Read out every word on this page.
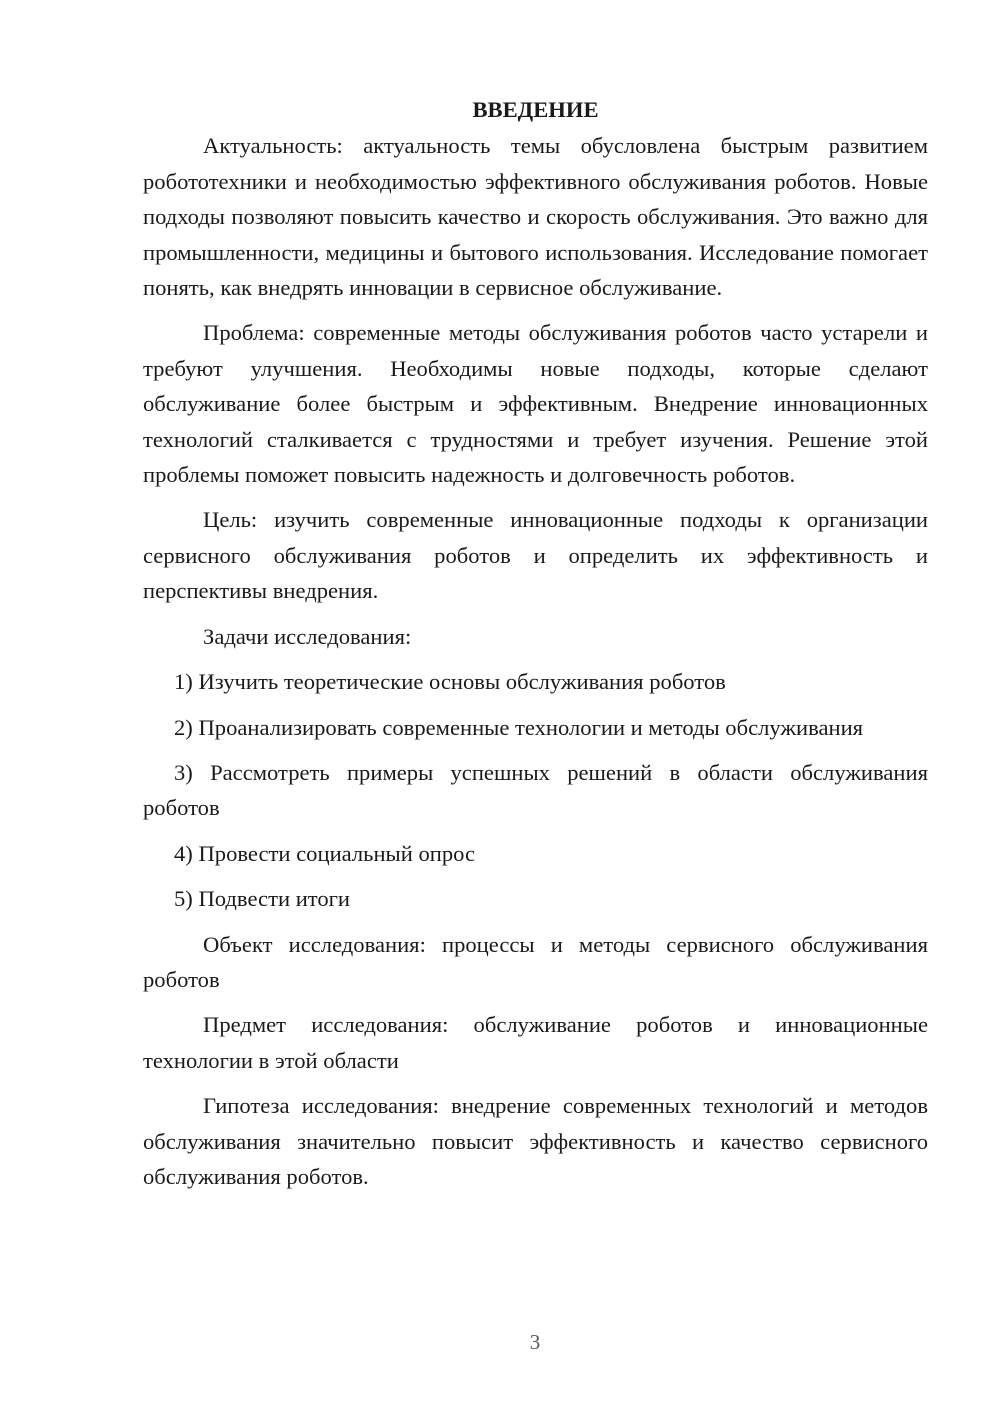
ВВЕДЕНИЕ

Актуальность: актуальность темы обусловлена быстрым развитием робототехники и необходимостью эффективного обслуживания роботов. Новые подходы позволяют повысить качество и скорость обслуживания. Это важно для промышленности, медицины и бытового использования. Исследование помогает понять, как внедрять инновации в сервисное обслуживание.

Проблема: современные методы обслуживания роботов часто устарели и требуют улучшения. Необходимы новые подходы, которые сделают обслуживание более быстрым и эффективным. Внедрение инновационных технологий сталкивается с трудностями и требует изучения. Решение этой проблемы поможет повысить надежность и долговечность роботов.

Цель: изучить современные инновационные подходы к организации сервисного обслуживания роботов и определить их эффективность и перспективы внедрения.

Задачи исследования:

1) Изучить теоретические основы обслуживания роботов

2) Проанализировать современные технологии и методы обслуживания

3) Рассмотреть примеры успешных решений в области обслуживания роботов

4) Провести социальный опрос

5) Подвести итоги

Объект исследования: процессы и методы сервисного обслуживания роботов

Предмет исследования: обслуживание роботов и инновационные технологии в этой области

Гипотеза исследования: внедрение современных технологий и методов обслуживания значительно повысит эффективность и качество сервисного обслуживания роботов.

3
